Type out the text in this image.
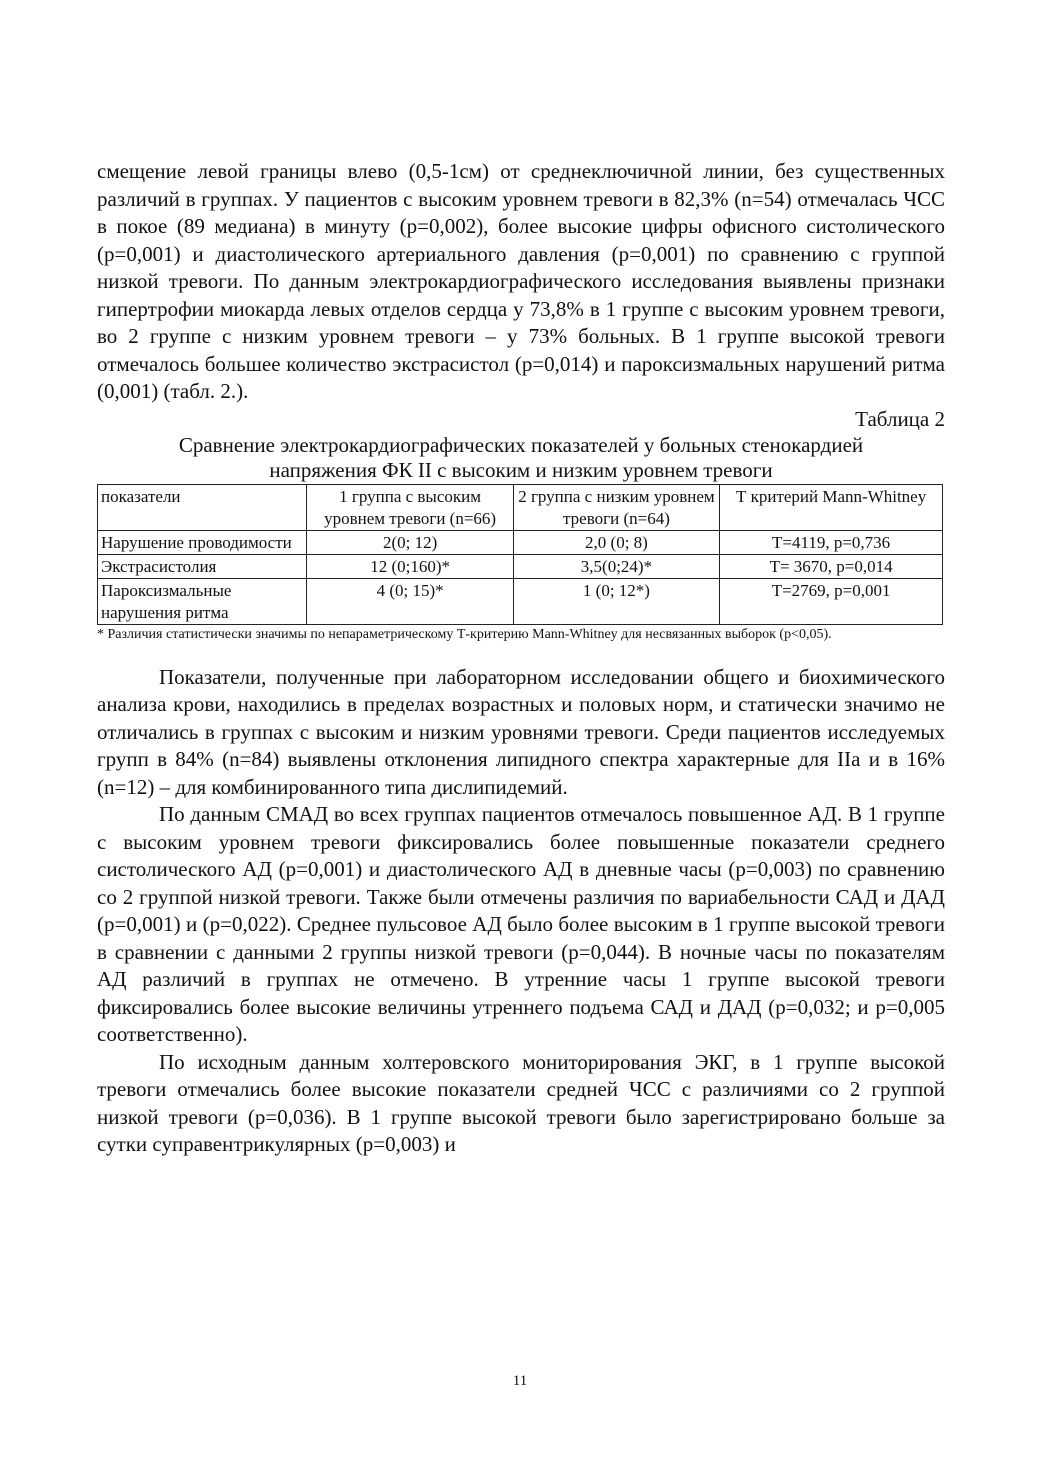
смещение левой границы влево (0,5-1см) от среднеключичной линии, без существенных различий в группах. У пациентов с высоким уровнем тревоги в 82,3% (n=54) отмечалась ЧСС в покое (89 медиана) в минуту (p=0,002), более высокие цифры офисного систолического (p=0,001) и диастолического артериального давления (p=0,001) по сравнению с группой низкой тревоги. По данным электрокардиографического исследования выявлены признаки гипертрофии миокарда левых отделов сердца у 73,8% в 1 группе с высоким уровнем тревоги, во 2 группе с низким уровнем тревоги – у 73% больных. В 1 группе высокой тревоги отмечалось большее количество экстрасистол (p=0,014) и пароксизмальных нарушений ритма (0,001) (табл. 2.).

Таблица 2

Сравнение электрокардиографических показателей у больных стенокардией
напряжения ФК II с высоким и низким уровнем тревоги

показатели	1 группа с высоким уровнем тревоги (n=66)	2 группа с низким уровнем тревоги (n=64)	Т критерий Mann-Whitney
Нарушение проводимости	2(0; 12)	2,0 (0; 8)	T=4119, p=0,736
Экстрасистолия	12 (0;160)*	3,5(0;24)*	T= 3670, p=0,014
Пароксизмальные нарушения ритма	4 (0; 15)*	1 (0; 12*)	T=2769, p=0,001

* Различия статистически значимы по непараметрическому Т-критерию Mann-Whitney для несвязанных выборок (p<0,05).

Показатели, полученные при лабораторном исследовании общего и биохимического анализа крови, находились в пределах возрастных и половых норм, и статически значимо не отличались в группах с высоким и низким уровнями тревоги. Среди пациентов исследуемых групп в 84% (n=84) выявлены отклонения липидного спектра характерные для IIa и в 16% (n=12) – для комбинированного типа дислипидемий.

По данным СМАД во всех группах пациентов отмечалось повышенное АД. В 1 группе с высоким уровнем тревоги фиксировались более повышенные показатели среднего систолического АД (p=0,001) и диастолического АД в дневные часы (p=0,003) по сравнению со 2 группой низкой тревоги. Также были отмечены различия по вариабельности САД и ДАД (p=0,001) и (p=0,022). Среднее пульсовое АД было более высоким в 1 группе высокой тревоги в сравнении с данными 2 группы низкой тревоги (p=0,044). В ночные часы по показателям АД различий в группах не отмечено. В утренние часы 1 группе высокой тревоги фиксировались более высокие величины утреннего подъема САД и ДАД (p=0,032; и p=0,005 соответственно).

По исходным данным холтеровского мониторирования ЭКГ, в 1 группе высокой тревоги отмечались более высокие показатели средней ЧСС с различиями со 2 группой низкой тревоги (p=0,036). В 1 группе высокой тревоги было зарегистрировано больше за сутки суправентрикулярных (p=0,003) и

11
